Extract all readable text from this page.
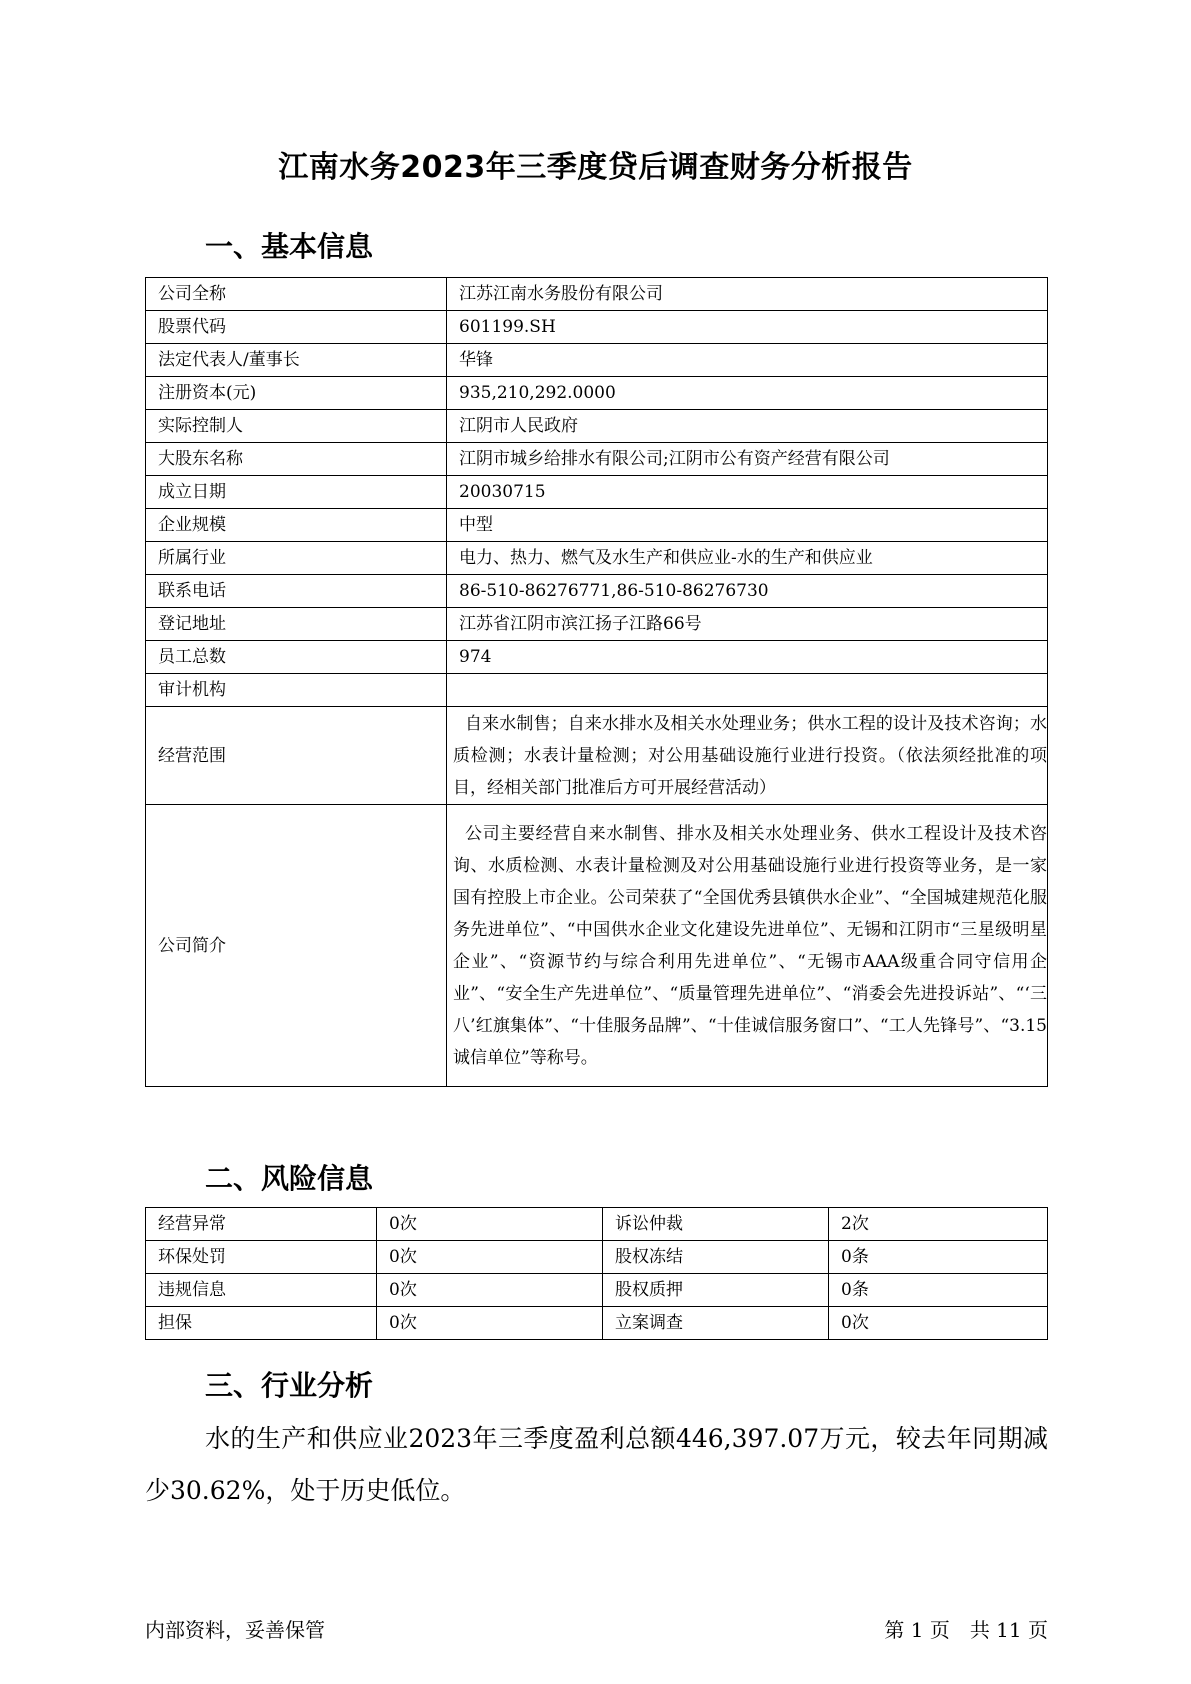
江南水务2023年三季度贷后调查财务分析报告
一、基本信息
公司全称	江苏江南水务股份有限公司
股票代码	601199.SH
法定代表人/董事长	华锋
注册资本(元)	935,210,292.0000
实际控制人	江阴市人民政府
大股东名称	江阴市城乡给排水有限公司;江阴市公有资产经营有限公司
成立日期	20030715
企业规模	中型
所属行业	电力、热力、燃气及水生产和供应业-水的生产和供应业
联系电话	86-510-86276771,86-510-86276730
登记地址	江苏省江阴市滨江扬子江路66号
员工总数	974
审计机构	
经营范围	自来水制售；自来水排水及相关水处理业务；供水工程的设计及技术咨询；水质检测；水表计量检测；对公用基础设施行业进行投资。（依法须经批准的项目，经相关部门批准后方可开展经营活动）
公司简介	公司主要经营自来水制售、排水及相关水处理业务、供水工程设计及技术咨询、水质检测、水表计量检测及对公用基础设施行业进行投资等业务，是一家国有控股上市企业。公司荣获了“全国优秀县镇供水企业”、“全国城建规范化服务先进单位”、“中国供水企业文化建设先进单位”、无锡和江阴市“三星级明星企业”、“资源节约与综合利用先进单位”、“无锡市AAA级重合同守信用企业”、“安全生产先进单位”、“质量管理先进单位”、“消委会先进投诉站”、“‘三八’红旗集体”、“十佳服务品牌”、“十佳诚信服务窗口”、“工人先锋号”、“3.15诚信单位”等称号。
二、风险信息
经营异常	0次	诉讼仲裁	2次
环保处罚	0次	股权冻结	0条
违规信息	0次	股权质押	0条
担保	0次	立案调查	0次
三、行业分析
水的生产和供应业2023年三季度盈利总额446,397.07万元，较去年同期减少30.62%，处于历史低位。
内部资料，妥善保管	第 1 页　共 11 页
